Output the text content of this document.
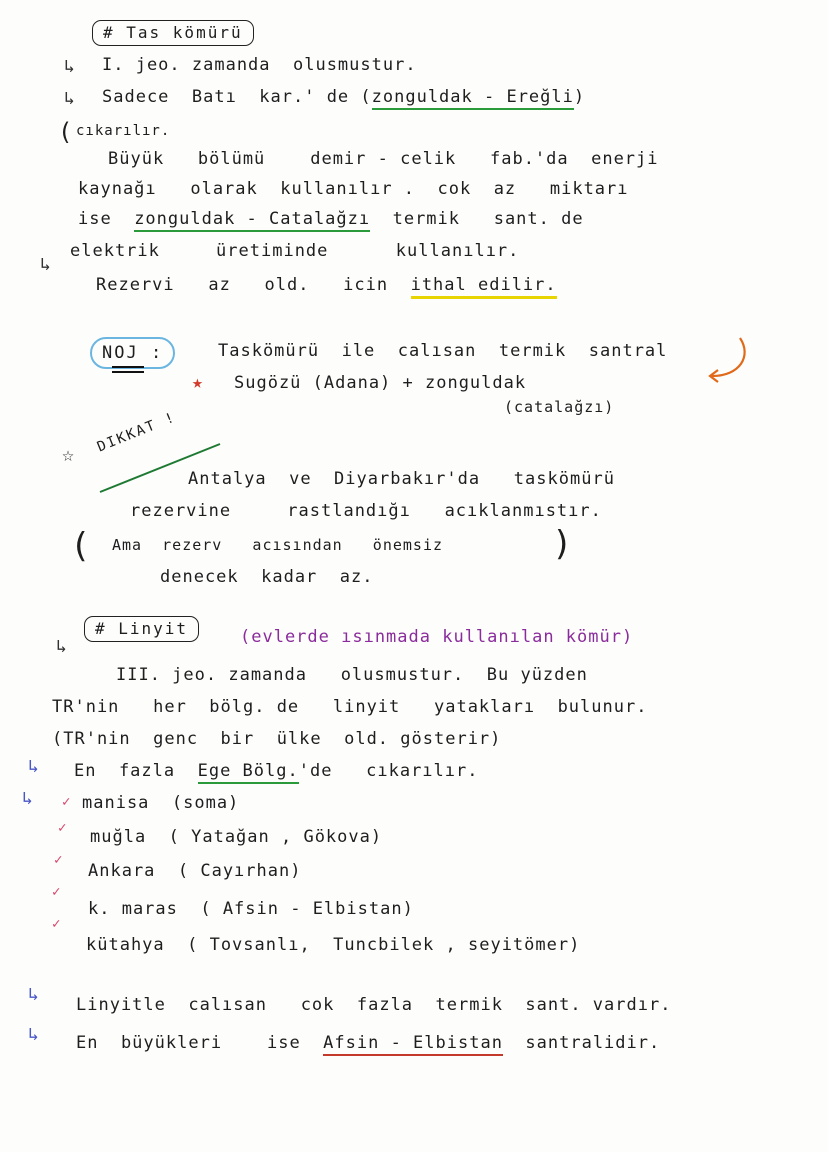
# Tas kömürü
↳ I. jeo. zamanda  olusmustur.
↳ Sadece  Batı  kar.' de (zonguldak - Ereğli)
( cıkarılır.
Büyük   bölümü    demir - celik   fab.'da  enerji
kaynağı   olarak  kullanılır .  cok  az   miktarı
ise  zonguldak - Catalağzı  termik   sant. de
↳
elektrik     üretiminde      kullanılır.
Rezervi   az   old.   icin  ithal edilir.
NOJ :	Taskömürü  ile  calısan  termik  santral
★ Sugözü (Adana) + zonguldak
(catalağzı)
☆ DIKKAT !
Antalya  ve  Diyarbakır'da   taskömürü
rezervine     rastlandığı   acıklanmıstır.
( Ama  rezerv   acısından   önemsiz	)
denecek  kadar  az.
# Linyit	(evlerde ısınmada kullanılan kömür)
↳
III. jeo. zamanda   olusmustur.  Bu yüzden
TR'nin   her  bölg. de   linyit   yatakları  bulunur.
(TR'nin  genc  bir  ülke  old. gösterir)
↳ En  fazla  Ege Bölg.'de   cıkarılır.
↳ ✓ manisa  (soma)
✓ muğla  ( Yatağan , Gökova)
✓
Ankara  ( Cayırhan)
✓
k. maras  ( Afsin - Elbistan)
✓
kütahya  ( Tovsanlı,  Tuncbilek , seyitömer)
↳ Linyitle  calısan   cok  fazla  termik  sant. vardır.
↳ En  büyükleri    ise  Afsin - Elbistan  santralidir.
